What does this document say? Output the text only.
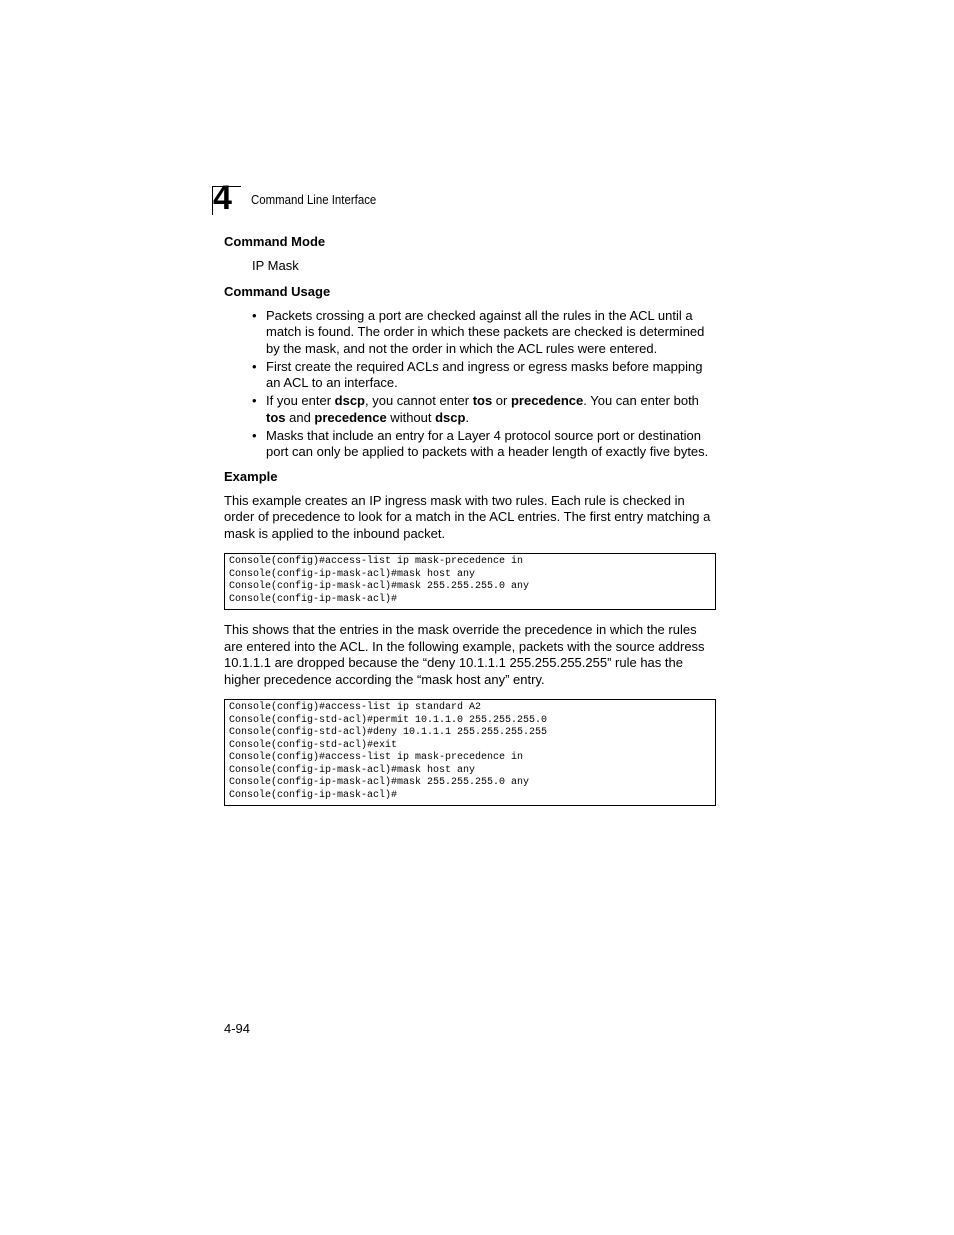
4 Command Line Interface
Command Mode
IP Mask
Command Usage
• Packets crossing a port are checked against all the rules in the ACL until a match is found. The order in which these packets are checked is determined by the mask, and not the order in which the ACL rules were entered.
• First create the required ACLs and ingress or egress masks before mapping an ACL to an interface.
• If you enter dscp, you cannot enter tos or precedence. You can enter both tos and precedence without dscp.
• Masks that include an entry for a Layer 4 protocol source port or destination port can only be applied to packets with a header length of exactly five bytes.
Example
This example creates an IP ingress mask with two rules. Each rule is checked in order of precedence to look for a match in the ACL entries. The first entry matching a mask is applied to the inbound packet.
Console(config)#access-list ip mask-precedence in
Console(config-ip-mask-acl)#mask host any
Console(config-ip-mask-acl)#mask 255.255.255.0 any
Console(config-ip-mask-acl)#
This shows that the entries in the mask override the precedence in which the rules are entered into the ACL. In the following example, packets with the source address 10.1.1.1 are dropped because the “deny 10.1.1.1 255.255.255.255” rule has the higher precedence according the “mask host any” entry.
Console(config)#access-list ip standard A2
Console(config-std-acl)#permit 10.1.1.0 255.255.255.0
Console(config-std-acl)#deny 10.1.1.1 255.255.255.255
Console(config-std-acl)#exit
Console(config)#access-list ip mask-precedence in
Console(config-ip-mask-acl)#mask host any
Console(config-ip-mask-acl)#mask 255.255.255.0 any
Console(config-ip-mask-acl)#
4-94
